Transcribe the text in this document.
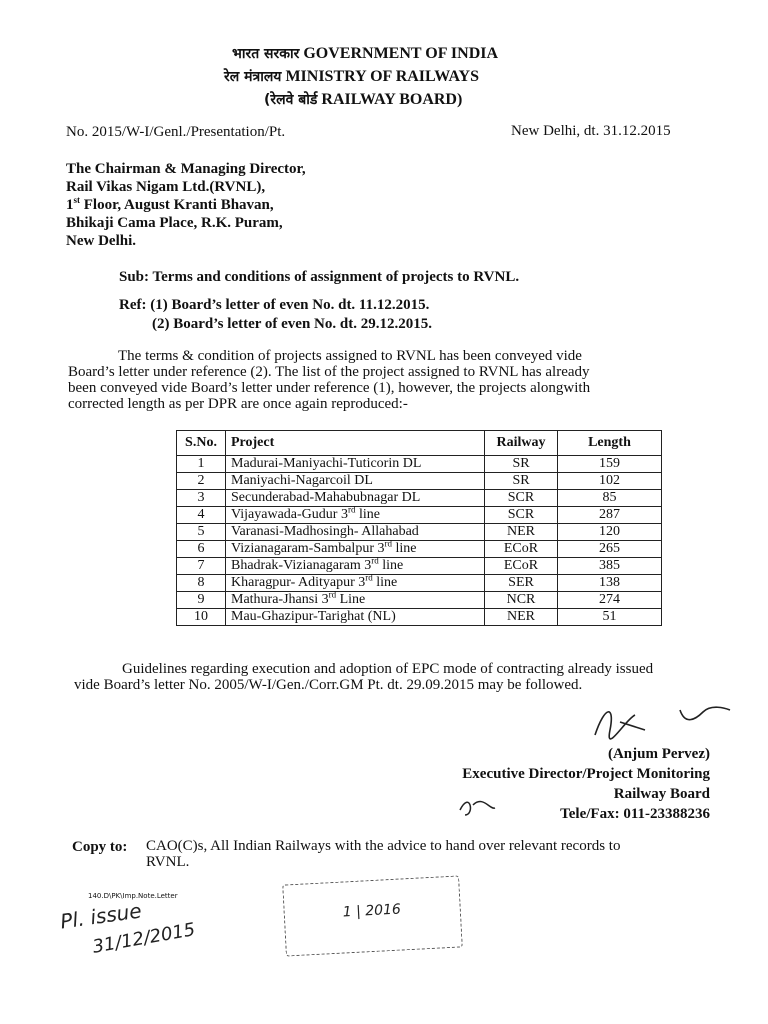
भारत सरकार GOVERNMENT OF INDIA
रेल मंत्रालय MINISTRY OF RAILWAYS
(रेलवे बोर्ड RAILWAY BOARD)
No. 2015/W-I/Genl./Presentation/Pt.	New Delhi, dt. 31.12.2015
The Chairman & Managing Director,
Rail Vikas Nigam Ltd.(RVNL),
1st Floor, August Kranti Bhavan,
Bhikaji Cama Place, R.K. Puram,
New Delhi.
Sub: Terms and conditions of assignment of projects to RVNL.
Ref: (1) Board’s letter of even No. dt. 11.12.2015.
(2) Board’s letter of even No. dt. 29.12.2015.
The terms & condition of projects assigned to RVNL has been conveyed vide
Board’s letter under reference (2). The list of the project assigned to RVNL has already
been conveyed vide Board’s letter under reference (1), however, the projects alongwith
corrected length as per DPR are once again reproduced:-
S.No.	Project	Railway	Length
1	Madurai-Maniyachi-Tuticorin DL	SR	159
2	Maniyachi-Nagarcoil DL	SR	102
3	Secunderabad-Mahabubnagar DL	SCR	85
4	Vijayawada-Gudur 3rd line	SCR	287
5	Varanasi-Madhosingh- Allahabad	NER	120
6	Vizianagaram-Sambalpur 3rd line	ECoR	265
7	Bhadrak-Vizianagaram 3rd line	ECoR	385
8	Kharagpur- Adityapur 3rd line	SER	138
9	Mathura-Jhansi 3rd Line	NCR	274
10	Mau-Ghazipur-Tarighat (NL)	NER	51
Guidelines regarding execution and adoption of EPC mode of contracting already issued
vide Board’s letter No. 2005/W-I/Gen./Corr.GM Pt. dt. 29.09.2015 may be followed.
(Anjum Pervez)
Executive Director/Project Monitoring
Railway Board
Tele/Fax: 011-23388236
Copy to: CAO(C)s, All Indian Railways with the advice to hand over relevant records to
RVNL.
140.D\PK\Imp.Note.Letter
Pl. issue
31/12/2015
1 | 2016
